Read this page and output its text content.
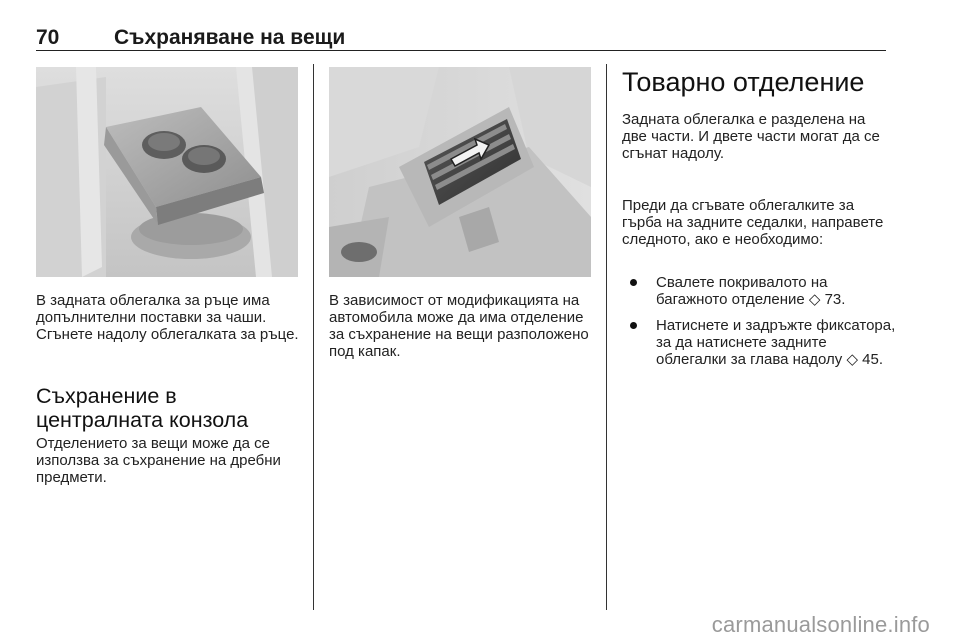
70	Съхраняване на вещи
В задната облегалка за ръце има допълнителни поставки за чаши. Сгънете надолу облегалката за ръце.
Съхранение в
централната конзола
Отделението за вещи може да се използва за съхранение на дребни предмети.
В зависимост от модификацията на автомобила може да има отделение за съхранение на вещи разположено под капак.
Товарно отделение
Задната облегалка е разделена на две части. И двете части могат да се сгънат надолу.
Преди да сгъвате облегалките за гърба на задните седалки, направете следното, ако е необходимо:
Свалете покривалото на багажното отделение ◇ 73.
Натиснете и задръжте фиксатора, за да натиснете задните облегалки за глава надолу ◇ 45.
carmanualsonline.info
